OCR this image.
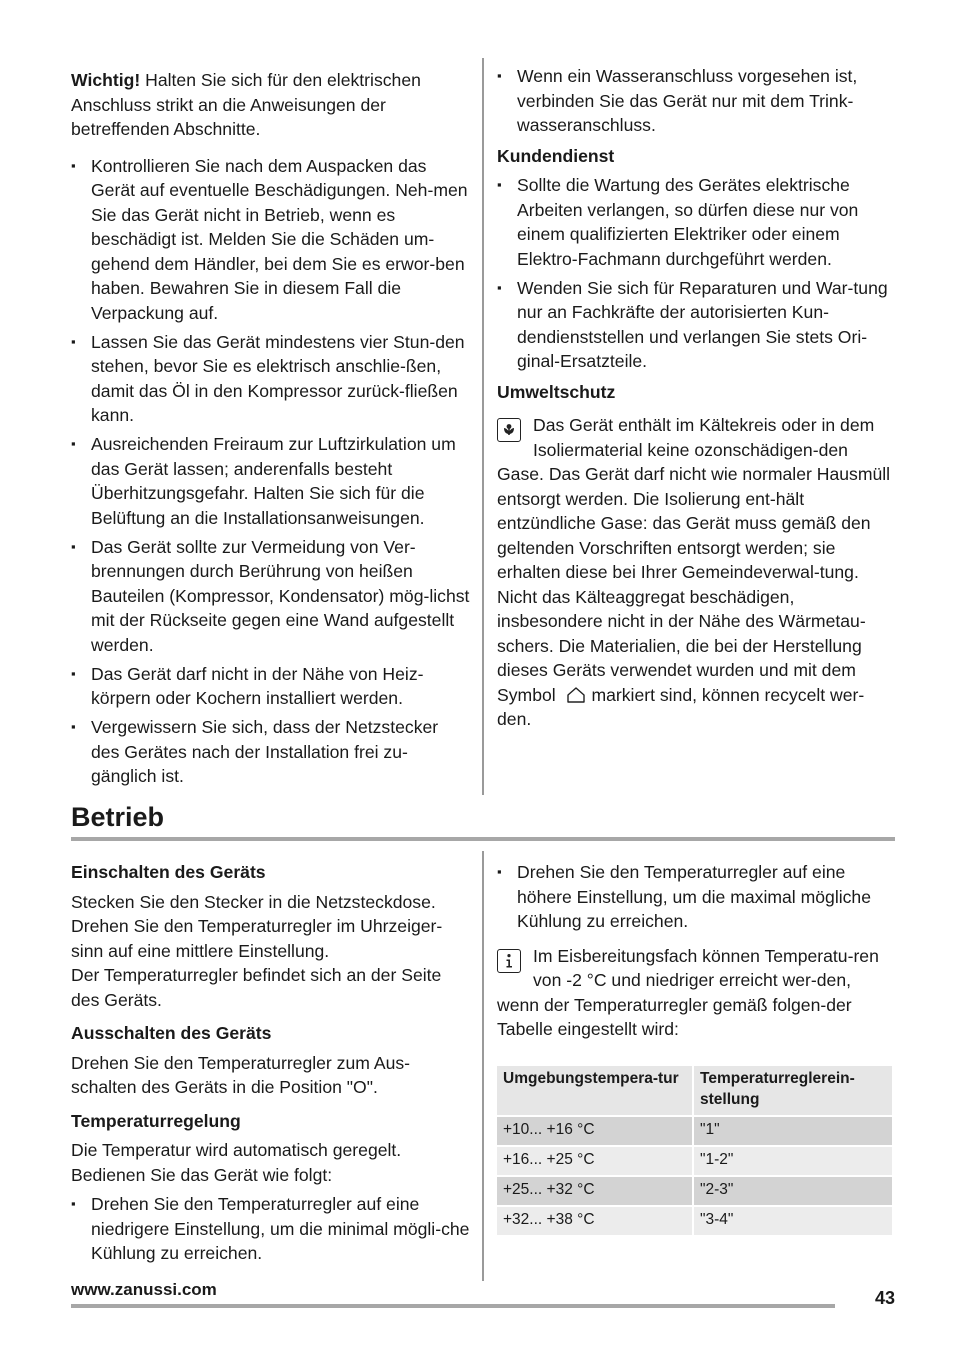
Wichtig! Halten Sie sich für den elektrischen Anschluss strikt an die Anweisungen der betreffenden Abschnitte.

▪ Kontrollieren Sie nach dem Auspacken das Gerät auf eventuelle Beschädigungen. Neh-men Sie das Gerät nicht in Betrieb, wenn es beschädigt ist. Melden Sie die Schäden um-gehend dem Händler, bei dem Sie es erwor-ben haben. Bewahren Sie in diesem Fall die Verpackung auf.
▪ Lassen Sie das Gerät mindestens vier Stun-den stehen, bevor Sie es elektrisch anschlie-ßen, damit das Öl in den Kompressor zurück-fließen kann.
▪ Ausreichenden Freiraum zur Luftzirkulation um das Gerät lassen; anderenfalls besteht Überhitzungsgefahr. Halten Sie sich für die Belüftung an die Installationsanweisungen.
▪ Das Gerät sollte zur Vermeidung von Ver-brennungen durch Berührung von heißen Bauteilen (Kompressor, Kondensator) mög-lichst mit der Rückseite gegen eine Wand aufgestellt werden.
▪ Das Gerät darf nicht in der Nähe von Heiz-körpern oder Kochern installiert werden.
▪ Vergewissern Sie sich, dass der Netzstecker des Gerätes nach der Installation frei zu-gänglich ist.
▪ Wenn ein Wasseranschluss vorgesehen ist, verbinden Sie das Gerät nur mit dem Trink-wasseranschluss.

Kundendienst

▪ Sollte die Wartung des Gerätes elektrische Arbeiten verlangen, so dürfen diese nur von einem qualifizierten Elektriker oder einem Elektro-Fachmann durchgeführt werden.
▪ Wenden Sie sich für Reparaturen und War-tung nur an Fachkräfte der autorisierten Kun-dendienststellen und verlangen Sie stets Ori-ginal-Ersatzteile.

Umweltschutz

Das Gerät enthält im Kältekreis oder in dem Isoliermaterial keine ozonschädigen-den Gase. Das Gerät darf nicht wie normaler Hausmüll entsorgt werden. Die Isolierung ent-hält entzündliche Gase: das Gerät muss gemäß den geltenden Vorschriften entsorgt werden; sie erhalten diese bei Ihrer Gemeindeverwal-tung. Nicht das Kälteaggregat beschädigen, insbesondere nicht in der Nähe des Wärmetau-schers. Die Materialien, die bei der Herstellung dieses Geräts verwendet wurden und mit dem Symbol  markiert sind, können recycelt wer-den.
Betrieb

Einschalten des Geräts

Stecken Sie den Stecker in die Netzsteckdose. Drehen Sie den Temperaturregler im Uhrzeiger-sinn auf eine mittlere Einstellung.

Der Temperaturregler befindet sich an der Seite des Geräts.

Ausschalten des Geräts

Drehen Sie den Temperaturregler zum Aus-schalten des Geräts in die Position "O".

Temperaturregelung

Die Temperatur wird automatisch geregelt.

Bedienen Sie das Gerät wie folgt:

▪ Drehen Sie den Temperaturregler auf eine niedrigere Einstellung, um die minimal mögli-che Kühlung zu erreichen.
▪ Drehen Sie den Temperaturregler auf eine höhere Einstellung, um die maximal mögliche Kühlung zu erreichen.
Im Eisbereitungsfach können Temperatu-ren von -2 °C und niedriger erreicht wer-den, wenn der Temperaturregler gemäß folgen-der Tabelle eingestellt wird:
Umgebungstempera-tur	Temperaturreglerein-stellung
+10... +16 °C	"1"
+16... +25 °C	"1-2"
+25... +32 °C	"2-3"
+32... +38 °C	"3-4"
www.zanussi.com	43
